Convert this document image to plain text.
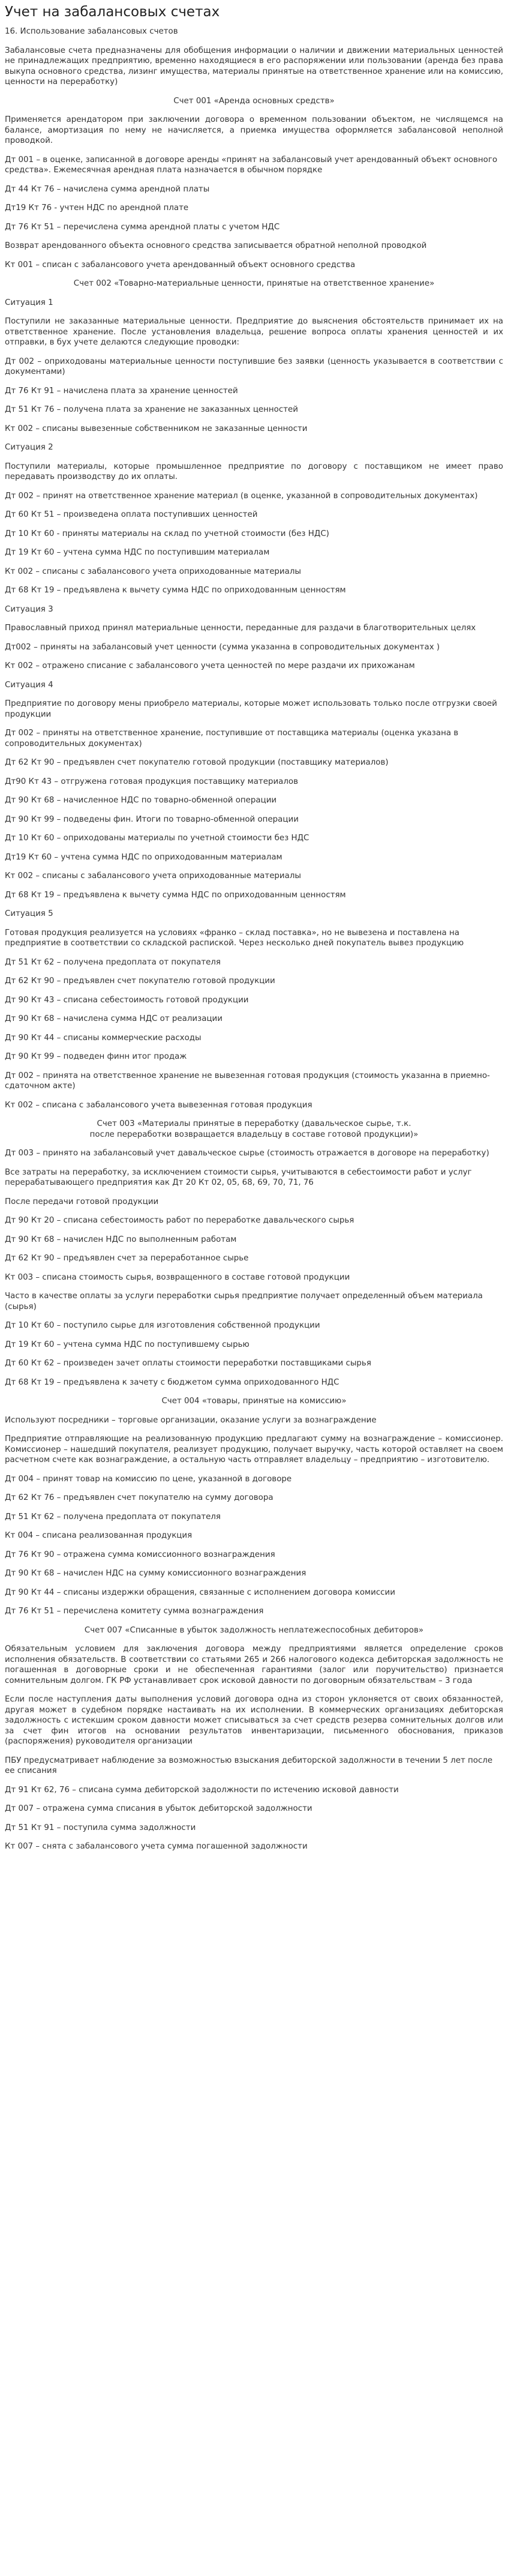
Учет на забалансовых счетах

16. Использование забалансовых счетов

Забалансовые счета предназначены для обобщения информации о наличии и движении материальных ценностей не принадлежащих предприятию, временно находящиеся в его распоряжении или пользовании (аренда без права выкупа основного средства, лизинг имущества, материалы принятые на ответственное хранение или на комиссию, ценности на переработку)

Счет 001 «Аренда основных средств»

Применяется арендатором при заключении договора о временном пользовании объектом, не числящемся на балансе, амортизация по нему не начисляется, а приемка имущества оформляется забалансовой неполной проводкой.

Дт 001 – в оценке, записанной в договоре аренды «принят на забалансовый учет арендованный объект основного средства». Ежемесячная арендная плата назначается в обычном порядке

Дт 44 Кт 76 – начислена сумма арендной платы

Дт19 Кт 76 - учтен НДС по арендной плате

Дт 76 Кт 51 – перечислена сумма арендной платы с учетом НДС

Возврат арендованного объекта основного средства записывается обратной неполной проводкой

Кт 001 – списан с забалансового учета арендованный объект основного средства

Счет 002 «Товарно-материальные ценности, принятые на ответственное хранение»

Ситуация 1

Поступили не заказанные материальные ценности. Предприятие до выяснения обстоятельств принимает их на ответственное хранение. После установления владельца, решение вопроса оплаты хранения ценностей и их отправки, в бух учете делаются следующие проводки:

Дт 002 – оприходованы материальные ценности поступившие без заявки (ценность указывается в соответствии с документами)

Дт 76 Кт 91 – начислена плата за хранение ценностей

Дт 51 Кт 76 – получена плата за хранение не заказанных ценностей

Кт 002 – списаны вывезенные собственником не заказанные ценности

Ситуация 2

Поступили материалы, которые промышленное предприятие по договору с поставщиком не имеет право передавать производству до их оплаты.

Дт 002 – принят на ответственное хранение материал (в оценке, указанной в сопроводительных документах)

Дт 60 Кт 51 – произведена оплата поступивших ценностей

Дт 10 Кт 60 - приняты материалы на склад по учетной стоимости (без НДС)

Дт 19 Кт 60 – учтена сумма НДС по поступившим материалам

Кт 002 – списаны с забалансового учета оприходованные материалы

Дт 68 Кт 19 – предъявлена к вычету сумма НДС по оприходованным ценностям

Ситуация 3

Православный приход принял материальные ценности, переданные для раздачи в благотворительных целях

Дт002 – приняты на забалансовый учет ценности (сумма указанна в сопроводительных документах )

Кт 002 – отражено списание с забалансового учета ценностей по мере раздачи их прихожанам

Ситуация 4

Предприятие по договору мены приобрело материалы, которые может использовать только после отгрузки своей продукции

Дт 002 – приняты на ответственное хранение, поступившие от поставщика материалы (оценка указана в сопроводительных документах)

Дт 62 Кт 90 – предъявлен счет покупателю готовой продукции (поставщику материалов)

Дт90 Кт 43 – отгружена готовая продукция поставщику материалов

Дт 90 Кт 68 – начисленное НДС по товарно-обменной операции

Дт 90 Кт 99 – подведены фин. Итоги по товарно-обменной операции

Дт 10 Кт 60 – оприходованы материалы по учетной стоимости без НДС

Дт19 Кт 60 – учтена сумма НДС по оприходованным материалам

Кт 002 – списаны с забалансового учета оприходованные материалы

Дт 68 Кт 19 – предъявлена к вычету сумма НДС по оприходованным ценностям

Ситуация 5

Готовая продукция реализуется на условиях «франко – склад поставка», но не вывезена и поставлена на предприятие в соответствии со складской распиской. Через несколько дней покупатель вывез продукцию

Дт 51 Кт 62 – получена предоплата от покупателя

Дт 62 Кт 90 – предъявлен счет покупателю готовой продукции

Дт 90 Кт 43 – списана себестоимость готовой продукции

Дт 90 Кт 68 – начислена сумма НДС от реализации

Дт 90 Кт 44 – списаны коммерческие расходы

Дт 90 Кт 99 – подведен финн итог продаж

Дт 002 – принята на ответственное хранение не вывезенная готовая продукция (стоимость указанна в приемно-сдаточном акте)

Кт 002 – списана с забалансового учета вывезенная готовая продукция

Счет 003 «Материалы принятые в переработку (давальческое сырье, т.к.
после переработки возвращается владельцу в составе готовой продукции)»

Дт 003 – принято на забалансовый учет давальческое сырье (стоимость отражается в договоре на переработку)

Все затраты на переработку, за исключением стоимости сырья, учитываются в себестоимости работ и услуг перерабатывающего предприятия как Дт 20 Кт 02, 05, 68, 69, 70, 71, 76

После передачи готовой продукции

Дт 90 Кт 20 – списана себестоимость работ по переработке давальческого сырья

Дт 90 Кт 68 – начислен НДС по выполненным работам

Дт 62 Кт 90 – предъявлен счет за переработанное сырье

Кт 003 – списана стоимость сырья, возвращенного в составе готовой продукции

Часто в качестве оплаты за услуги переработки сырья предприятие получает определенный объем материала (сырья)

Дт 10 Кт 60 – поступило сырье для изготовления собственной продукции

Дт 19 Кт 60 – учтена сумма НДС по поступившему сырью

Дт 60 Кт 62 – произведен зачет оплаты стоимости переработки поставщиками сырья

Дт 68 Кт 19 – предъявлена к зачету с бюджетом сумма оприходованного НДС

Счет 004 «товары, принятые на комиссию»

Используют посредники – торговые организации, оказание услуги за вознаграждение

Предприятие отправляющие на реализованную продукцию предлагают сумму на вознаграждение – комиссионер. Комиссионер – нашедший покупателя, реализует продукцию, получает выручку, часть которой оставляет на своем расчетном счете как вознаграждение, а остальную часть отправляет владельцу – предприятию – изготовителю.

Дт 004 – принят товар на комиссию по цене, указанной в договоре

Дт 62 Кт 76 – предъявлен счет покупателю на сумму договора

Дт 51 Кт 62 – получена предоплата от покупателя

Кт 004 – списана реализованная продукция

Дт 76 Кт 90 – отражена сумма комиссионного вознаграждения

Дт 90 Кт 68 – начислен НДС на сумму комиссионного вознаграждения

Дт 90 Кт 44 – списаны издержки обращения, связанные с исполнением договора комиссии

Дт 76 Кт 51 – перечислена комитету сумма вознаграждения

Счет 007 «Списанные в убыток задолжность неплатежеспособных дебиторов»

Обязательным условием для заключения договора между предприятиями является определение сроков исполнения обязательств. В соответствии со статьями 265 и 266 налогового кодекса дебиторская задолжность не погашенная в договорные сроки и не обеспеченная гарантиями (залог или поручительство) признается сомнительным долгом. ГК РФ устанавливает срок исковой давности по договорным обязательствам – 3 года

Если после наступления даты выполнения условий договора одна из сторон уклоняется от своих обязанностей, другая может в судебном порядке настаивать на их исполнении. В коммерческих организациях дебиторская задолжность с истекшим сроком давности может списываться за счет средств резерва сомнительных долгов или за счет фин итогов на основании результатов инвентаризации, письменного обоснования, приказов (распоряжения) руководителя организации

ПБУ предусматривает наблюдение за возможностью взыскания дебиторской задолжности в течении 5 лет после ее списания

Дт 91 Кт 62, 76 – списана сумма дебиторской задолжности по истечению исковой давности

Дт 007 – отражена сумма списания в убыток дебиторской задолжности

Дт 51 Кт 91 – поступила сумма задолжности

Кт 007 – снята с забалансового учета сумма погашенной задолжности
